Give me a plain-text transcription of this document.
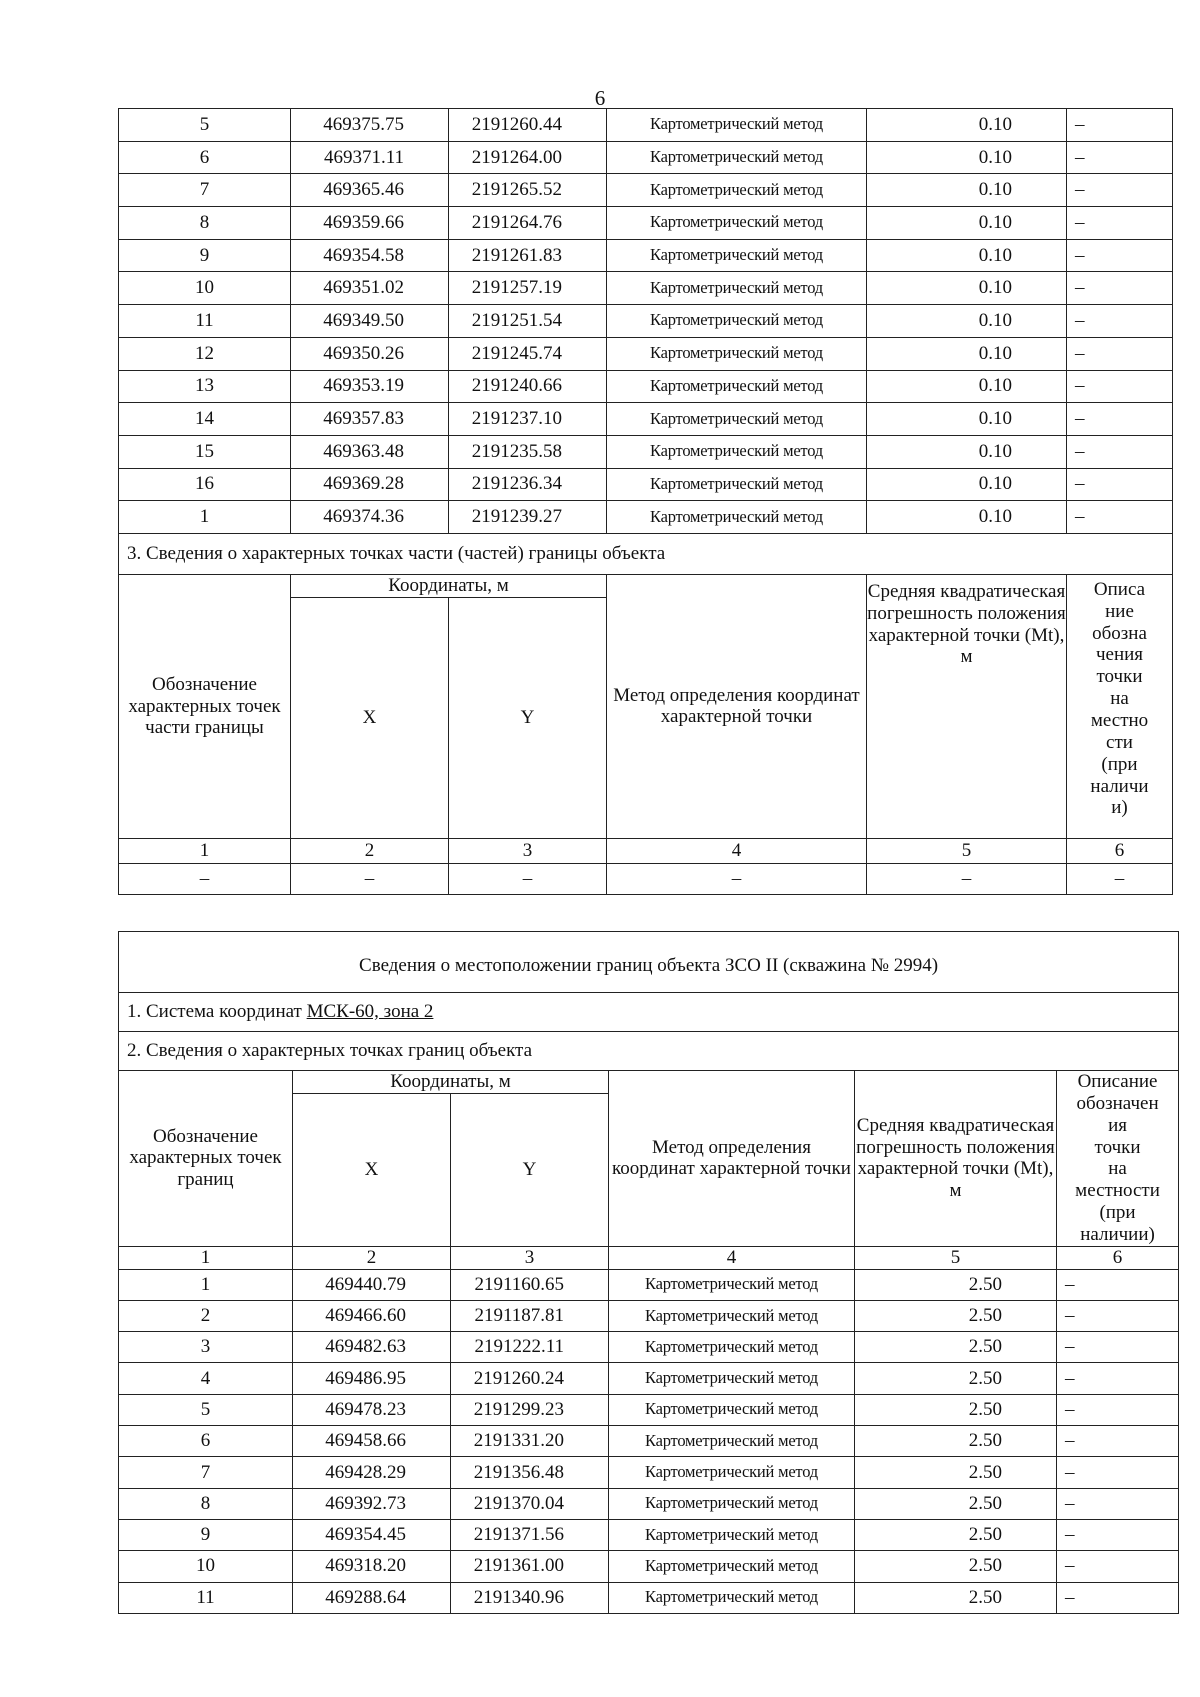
6
5	469375.75	2191260.44	Картометрический метод	0.10	–
6	469371.11	2191264.00	Картометрический метод	0.10	–
7	469365.46	2191265.52	Картометрический метод	0.10	–
8	469359.66	2191264.76	Картометрический метод	0.10	–
9	469354.58	2191261.83	Картометрический метод	0.10	–
10	469351.02	2191257.19	Картометрический метод	0.10	–
11	469349.50	2191251.54	Картометрический метод	0.10	–
12	469350.26	2191245.74	Картометрический метод	0.10	–
13	469353.19	2191240.66	Картометрический метод	0.10	–
14	469357.83	2191237.10	Картометрический метод	0.10	–
15	469363.48	2191235.58	Картометрический метод	0.10	–
16	469369.28	2191236.34	Картометрический метод	0.10	–
1	469374.36	2191239.27	Картометрический метод	0.10	–
3. Сведения о характерных точках части (частей) границы объекта					
Обозначение характерных точек части границы	Координаты, м		Метод определения координат характерной точки	Средняя квадратическая погрешность положения характерной точки (Mt), м	Описа ние обозна чения точки на местно сти (при наличи и)
	X	Y			
1	2	3	4	5	6
–	–	–	–	–	–
Сведения о местоположении границ объекта ЗСО II (скважина № 2994)					
1. Система координат МСК-60, зона 2					
2. Сведения о характерных точках границ объекта					
Обозначение характерных точек границ	Координаты, м		Метод определения координат характерной точки	Средняя квадратическая погрешность положения характерной точки (Mt), м	Описание обозначен ия точки на местности (при наличии)
	X	Y			
1	2	3	4	5	6
1	469440.79	2191160.65	Картометрический метод	2.50	–
2	469466.60	2191187.81	Картометрический метод	2.50	–
3	469482.63	2191222.11	Картометрический метод	2.50	–
4	469486.95	2191260.24	Картометрический метод	2.50	–
5	469478.23	2191299.23	Картометрический метод	2.50	–
6	469458.66	2191331.20	Картометрический метод	2.50	–
7	469428.29	2191356.48	Картометрический метод	2.50	–
8	469392.73	2191370.04	Картометрический метод	2.50	–
9	469354.45	2191371.56	Картометрический метод	2.50	–
10	469318.20	2191361.00	Картометрический метод	2.50	–
11	469288.64	2191340.96	Картометрический метод	2.50	–
